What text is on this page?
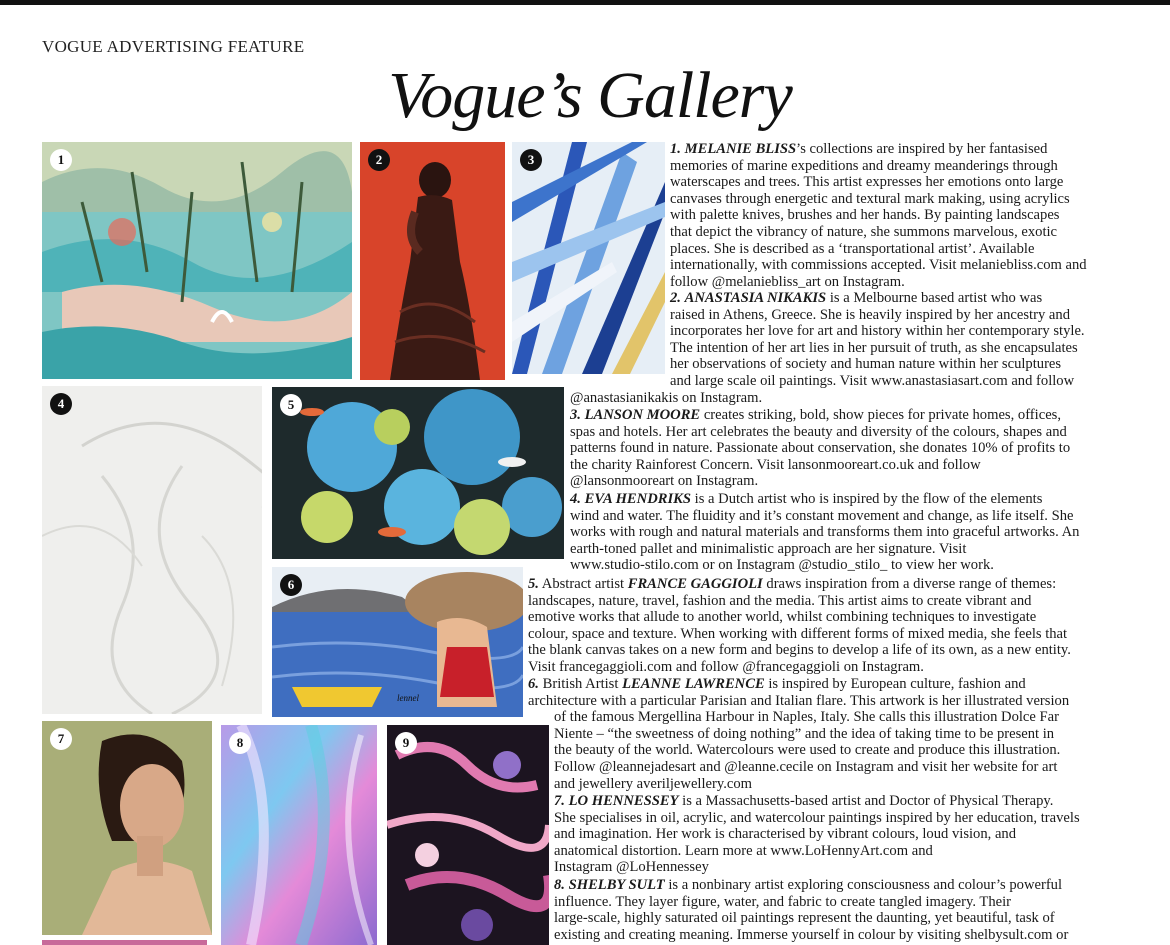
VOGUE ADVERTISING FEATURE
Vogue’s Gallery
1	2	3
4	5
6
lennel
7	8	9

1. MELANIE BLISS’s collections are inspired by her fantasised

memories of marine expeditions and dreamy meanderings through

waterscapes and trees. This artist expresses her emotions onto large

canvases through energetic and textural mark making, using acrylics

with palette knives, brushes and her hands. By painting landscapes

that depict the vibrancy of nature, she summons marvelous, exotic

places. She is described as a ‘transportational artist’. Available

internationally, with commissions accepted. Visit melaniebliss.com and

follow @melaniebliss_art on Instagram.

2. ANASTASIA NIKAKIS is a Melbourne based artist who was

raised in Athens, Greece. She is heavily inspired by her ancestry and

incorporates her love for art and history within her contemporary style.

The intention of her art lies in her pursuit of truth, as she encapsulates

her observations of society and human nature within her sculptures

and large scale oil paintings. Visit www.anastasiasart.com and follow

@anastasianikakis on Instagram.

3. LANSON MOORE creates striking, bold, show pieces for private homes, offices,

spas and hotels. Her art celebrates the beauty and diversity of the colours, shapes and

patterns found in nature. Passionate about conservation, she donates 10% of profits to

the charity Rainforest Concern. Visit lansonmooreart.co.uk and follow

@lansonmooreart on Instagram.

4. EVA HENDRIKS is a Dutch artist who is inspired by the flow of the elements

wind and water. The fluidity and it’s constant movement and change, as life itself. She

works with rough and natural materials and transforms them into graceful artworks. An

earth-toned pallet and minimalistic approach are her signature. Visit

www.studio-stilo.com or on Instagram @studio_stilo_ to view her work.

5. Abstract artist FRANCE GAGGIOLI draws inspiration from a diverse range of themes:

landscapes, nature, travel, fashion and the media. This artist aims to create vibrant and

emotive works that allude to another world, whilst combining techniques to investigate

colour, space and texture. When working with different forms of mixed media, she feels that

the blank canvas takes on a new form and begins to develop a life of its own, as a new entity.

Visit francegaggioli.com and follow @francegaggioli on Instagram.

6. British Artist LEANNE LAWRENCE is inspired by European culture, fashion and

architecture with a particular Parisian and Italian flare. This artwork is her illustrated version

of the famous Mergellina Harbour in Naples, Italy. She calls this illustration Dolce Far

Niente – “the sweetness of doing nothing” and the idea of taking time to be present in

the beauty of the world. Watercolours were used to create and produce this illustration.

Follow @leannejadesart and @leanne.cecile on Instagram and visit her website for art

and jewellery averiljewellery.com

7. LO HENNESSEY is a Massachusetts-based artist and Doctor of Physical Therapy.

She specialises in oil, acrylic, and watercolour paintings inspired by her education, travels

and imagination. Her work is characterised by vibrant colours, loud vision, and

anatomical distortion. Learn more at www.LoHennyArt.com and

Instagram @LoHennessey

8. SHELBY SULT is a nonbinary artist exploring consciousness and colour’s powerful

influence. They layer figure, water, and fabric to create tangled imagery. Their

large-scale, highly saturated oil paintings represent the daunting, yet beautiful, task of

existing and creating meaning. Immerse yourself in colour by visiting shelbysult.com or
